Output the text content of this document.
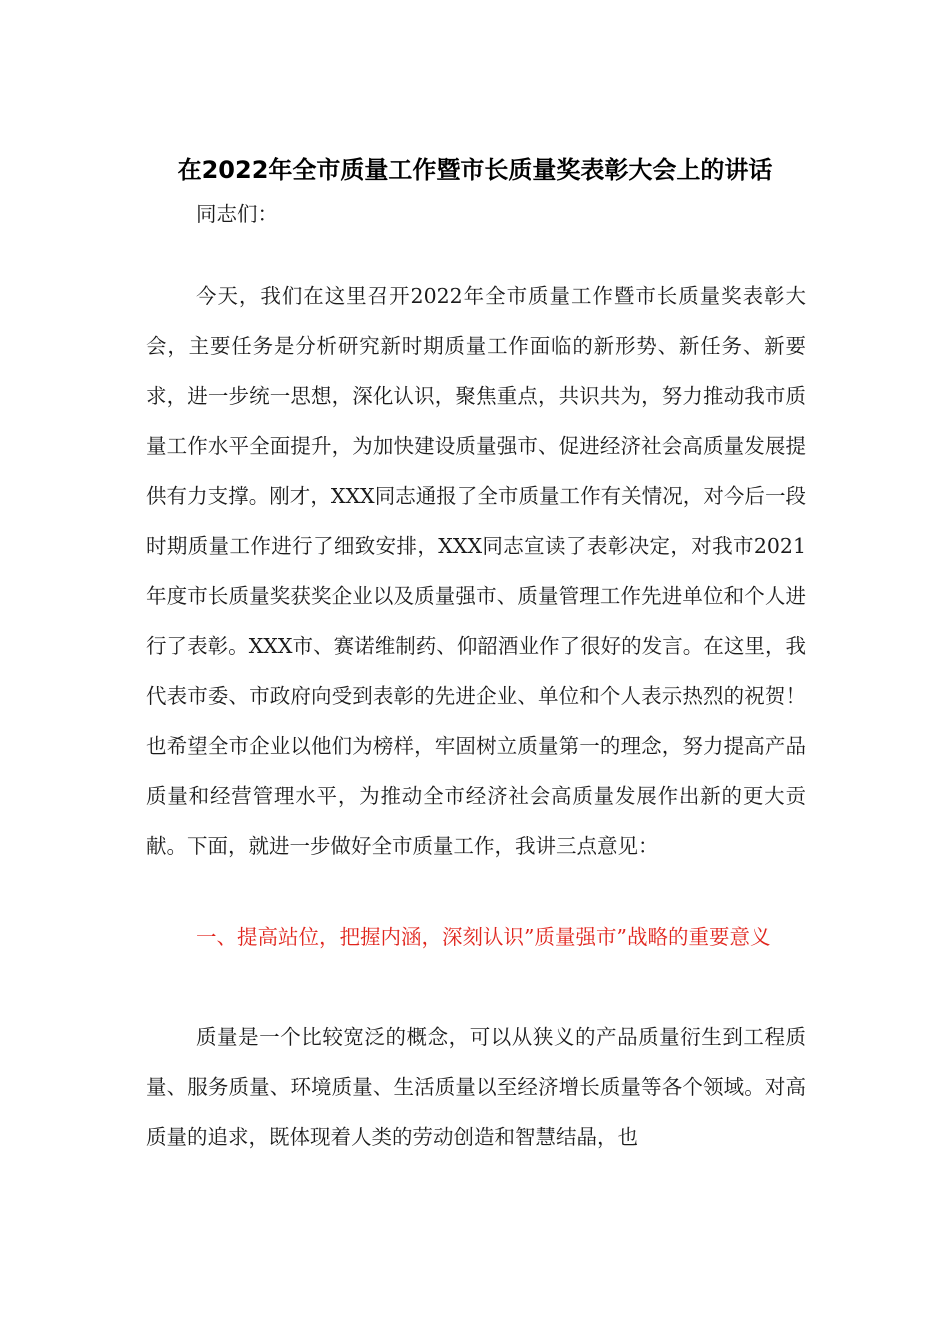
在2022年全市质量工作暨市长质量奖表彰大会上的讲话

同志们：

今天，我们在这里召开2022年全市质量工作暨市长质量奖表彰大会，主要任务是分析研究新时期质量工作面临的新形势、新任务、新要求，进一步统一思想，深化认识，聚焦重点，共识共为，努力推动我市质量工作水平全面提升，为加快建设质量强市、促进经济社会高质量发展提供有力支撑。刚才，XXX同志通报了全市质量工作有关情况，对今后一段时期质量工作进行了细致安排，XXX同志宣读了表彰决定，对我市2021年度市长质量奖获奖企业以及质量强市、质量管理工作先进单位和个人进行了表彰。XXX市、赛诺维制药、仰韶酒业作了很好的发言。在这里，我代表市委、市政府向受到表彰的先进企业、单位和个人表示热烈的祝贺！也希望全市企业以他们为榜样，牢固树立质量第一的理念，努力提高产品质量和经营管理水平，为推动全市经济社会高质量发展作出新的更大贡献。下面，就进一步做好全市质量工作，我讲三点意见：

一、提高站位，把握内涵，深刻认识”质量强市”战略的重要意义

质量是一个比较宽泛的概念，可以从狭义的产品质量衍生到工程质量、服务质量、环境质量、生活质量以至经济增长质量等各个领域。对高质量的追求，既体现着人类的劳动创造和智慧结晶，也
